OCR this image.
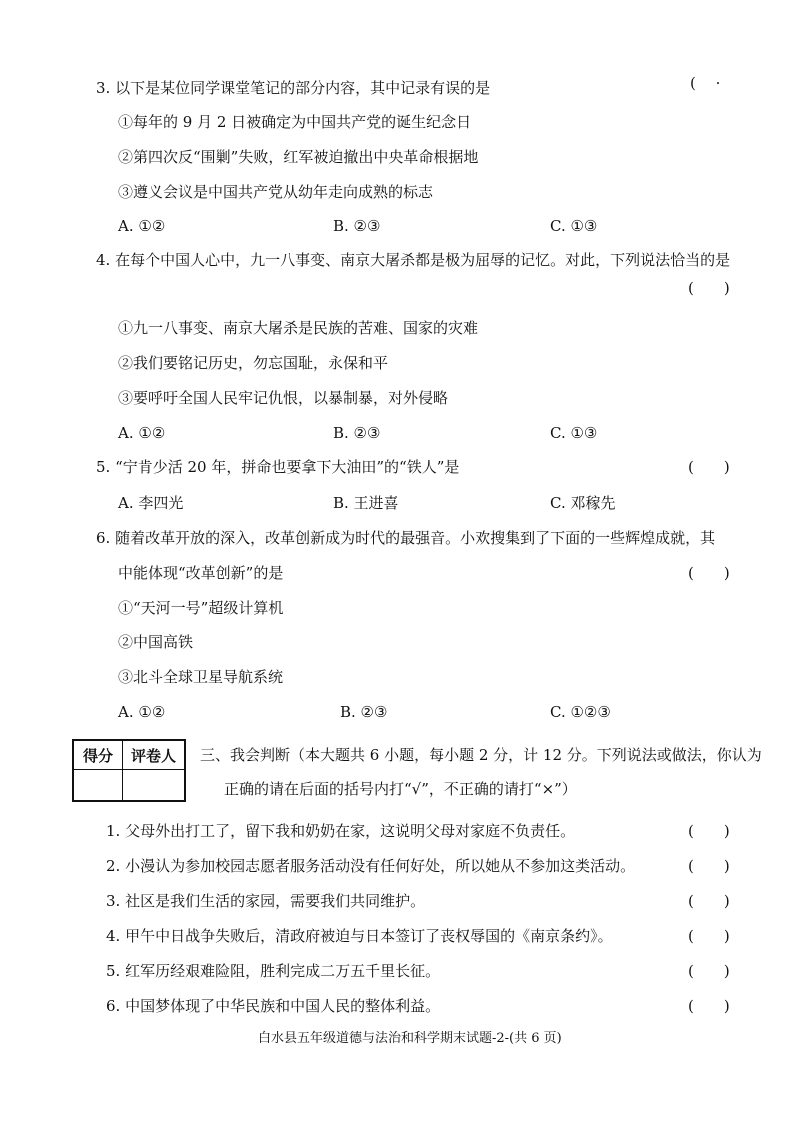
3. 以下是某位同学课堂笔记的部分内容，其中记录有误的是	(　 ·
①每年的 9 月 2 日被确定为中国共产党的诞生纪念日
②第四次反“围剿”失败，红军被迫撤出中央革命根据地
③遵义会议是中国共产党从幼年走向成熟的标志
A. ①②	B. ②③	C. ①③
4. 在每个中国人心中，九一八事变、南京大屠杀都是极为屈辱的记忆。对此，下列说法恰当的是
(　　)
①九一八事变、南京大屠杀是民族的苦难、国家的灾难
②我们要铭记历史，勿忘国耻，永保和平
③要呼吁全国人民牢记仇恨，以暴制暴，对外侵略
A. ①②	B. ②③	C. ①③
5. “宁肯少活 20 年，拼命也要拿下大油田”的“铁人”是	(　　)
A. 李四光	B. 王进喜	C. 邓稼先
6. 随着改革开放的深入，改革创新成为时代的最强音。小欢搜集到了下面的一些辉煌成就，其
中能体现“改革创新”的是	(　　)
①“天河一号”超级计算机
②中国高铁
③北斗全球卫星导航系统
A. ①②	B. ②③	C. ①②③
得分	评卷人
	三、我会判断（本大题共 6 小题，每小题 2 分，计 12 分。下列说法或做法，你认为
正确的请在后面的括号内打“√”，不正确的请打“×”）
1. 父母外出打工了，留下我和奶奶在家，这说明父母对家庭不负责任。	(　　)
2. 小漫认为参加校园志愿者服务活动没有任何好处，所以她从不参加这类活动。	(　　)
3. 社区是我们生活的家园，需要我们共同维护。	(　　)
4. 甲午中日战争失败后，清政府被迫与日本签订了丧权辱国的《南京条约》。	(　　)
5. 红军历经艰难险阻，胜利完成二万五千里长征。	(　　)
6. 中国梦体现了中华民族和中国人民的整体利益。	(　　)
白水县五年级道德与法治和科学期末试题-2-(共 6 页)
